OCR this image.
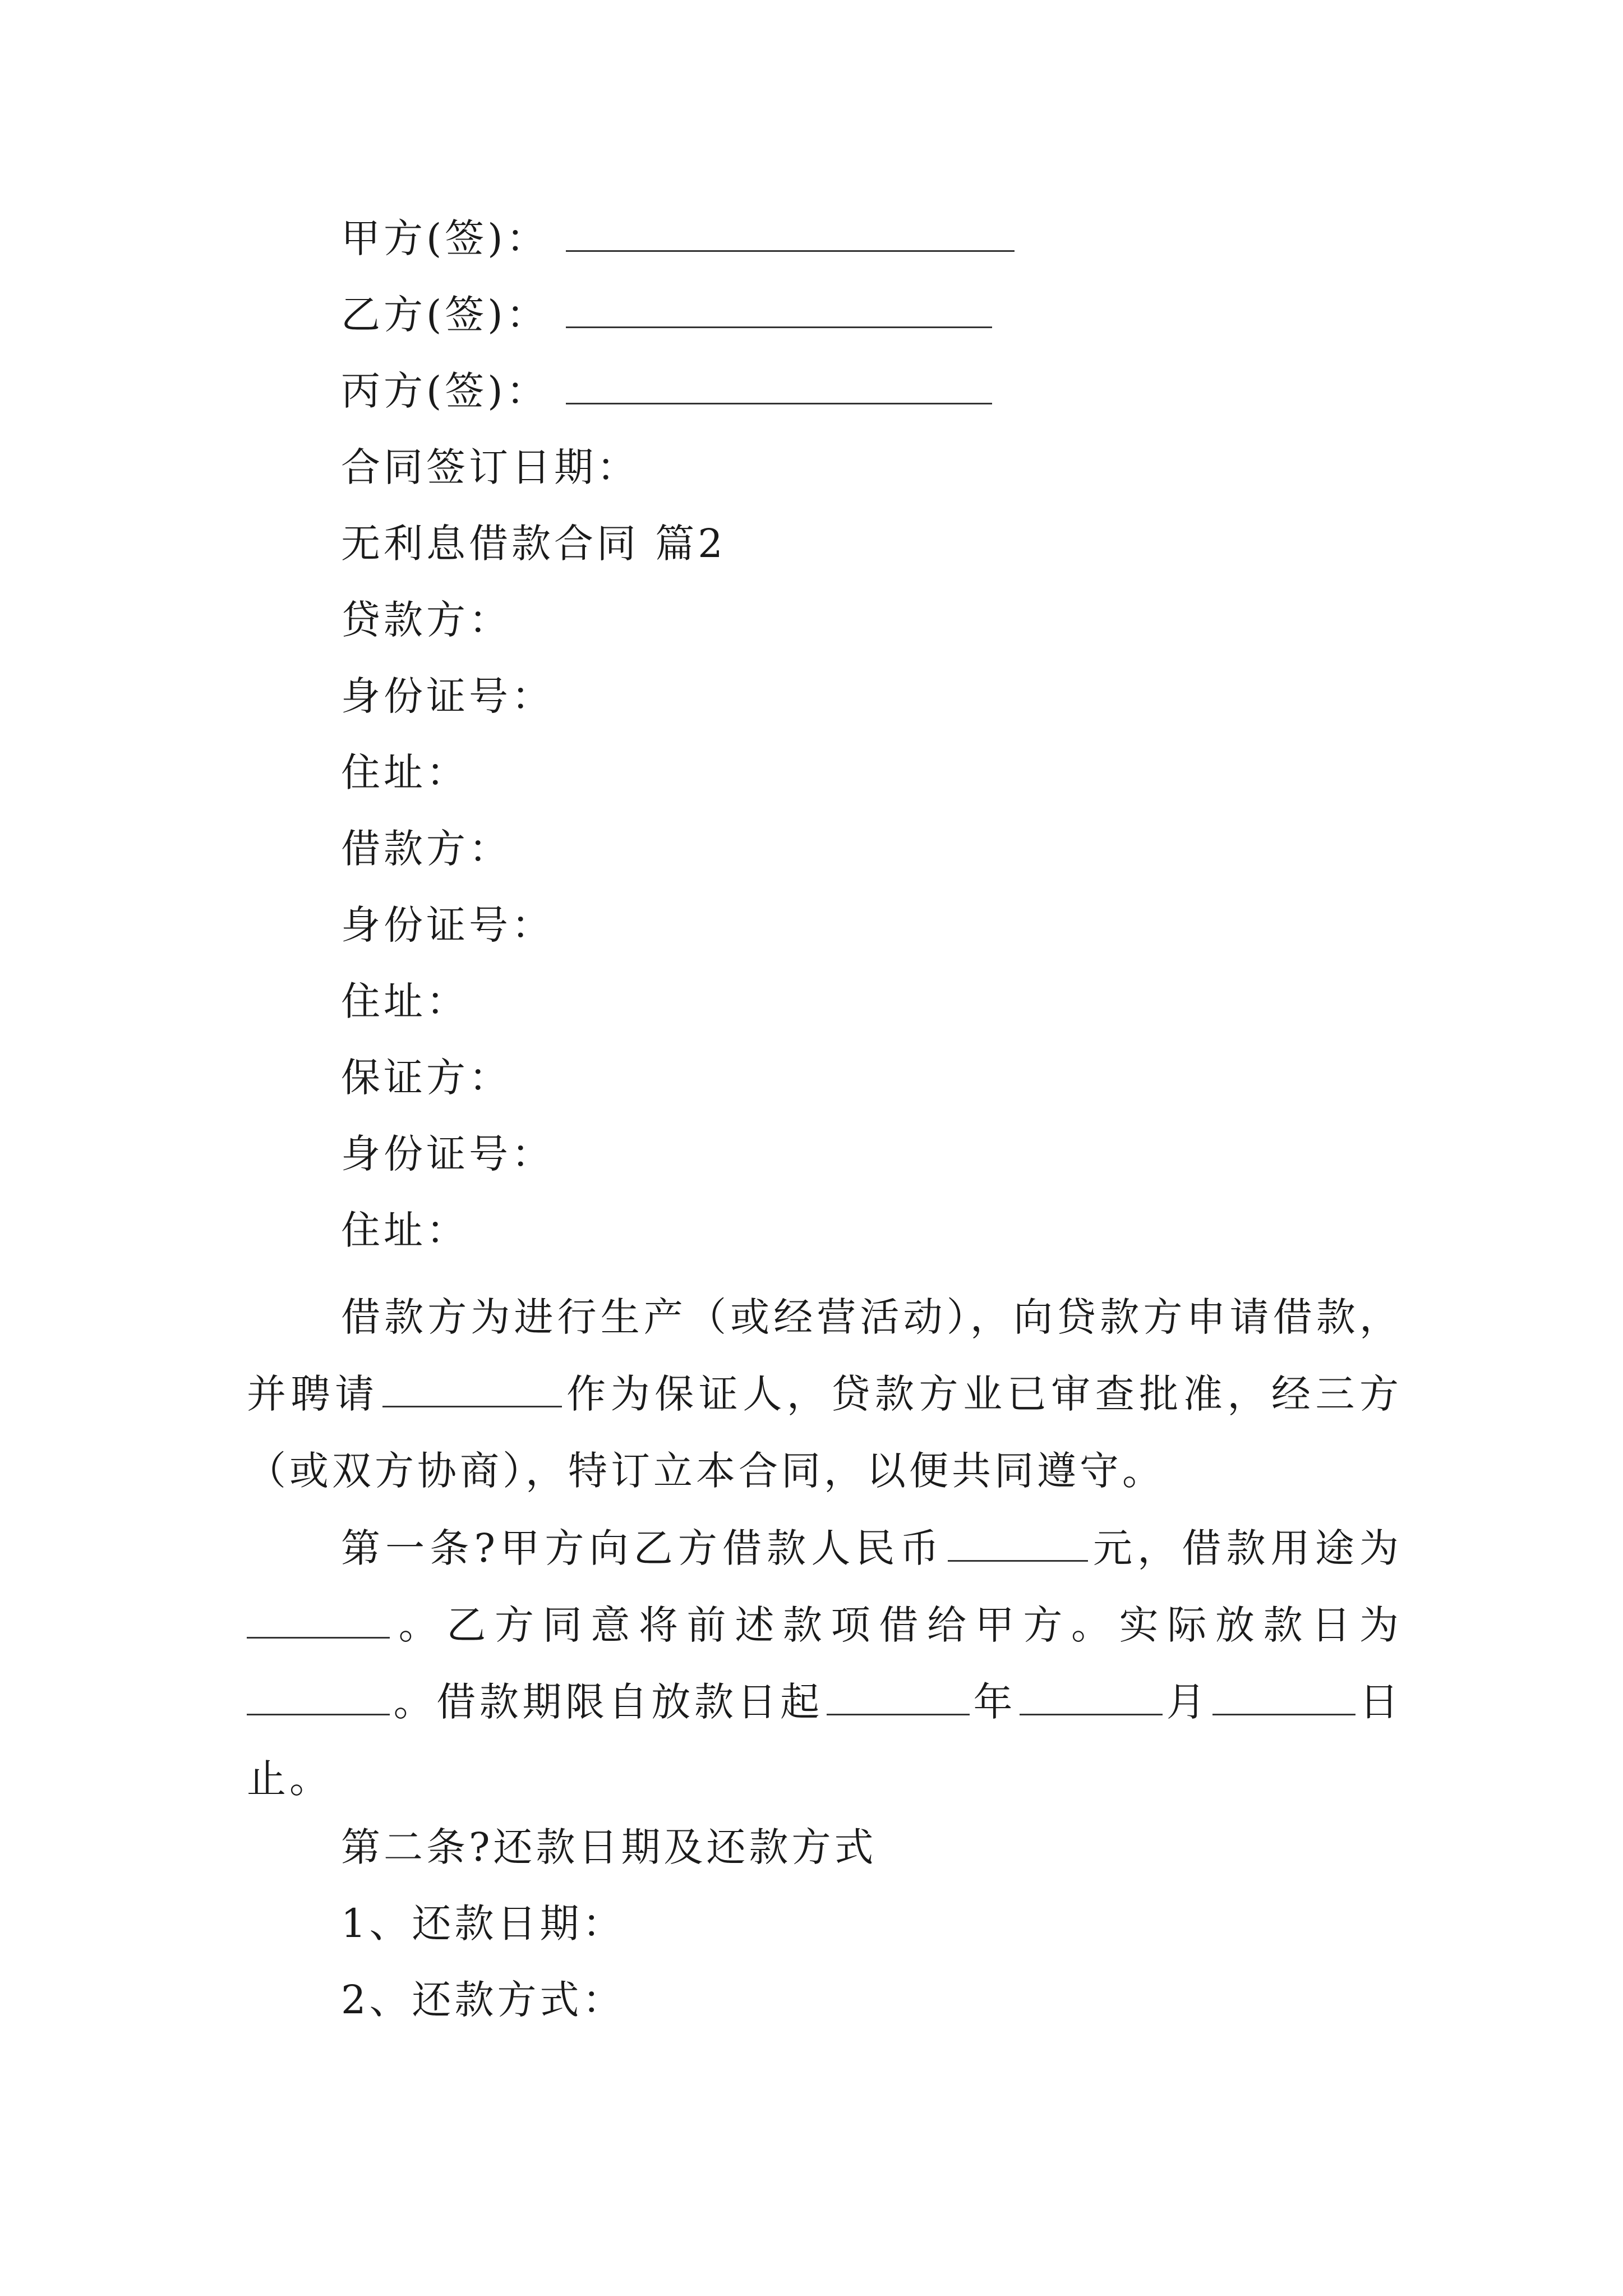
甲方(签)：
乙方(签)：
丙方(签)：
合同签订日期：
无利息借款合同 篇2
贷款方：
身份证号：
住址：
借款方：
身份证号：
住址：
保证方：
身份证号：
住址：

借款方为进行生产（或经营活动），向贷款方申请借款，并聘请	作为保证人，贷款方业已审查批准，经三方（或双方协商），特订立本合同，以便共同遵守。

第一条?甲方向乙方借款人民币	元，借款用途为。乙方同意将前述款项借给甲方。实际放款日为。借款期限自放款日起	年	月	日止。

第二条?还款日期及还款方式
1、还款日期：
2、还款方式：
